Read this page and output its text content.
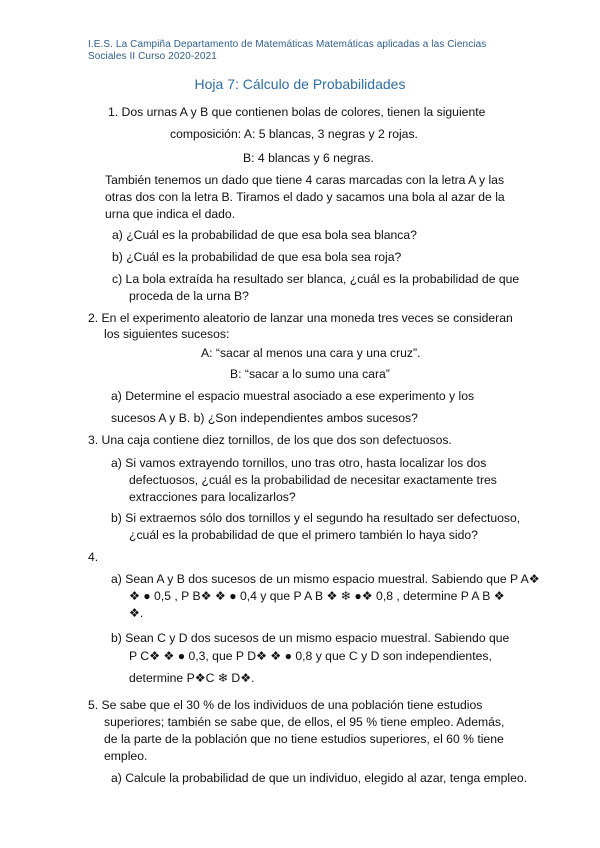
I.E.S. La Campiña Departamento de Matemáticas Matemáticas aplicadas a las Ciencias
Sociales II Curso 2020-2021
Hoja 7: Cálculo de Probabilidades
1. Dos urnas A y B que contienen bolas de colores, tienen la siguiente
composición: A: 5 blancas, 3 negras y 2 rojas.
B: 4 blancas y 6 negras.
También tenemos un dado que tiene 4 caras marcadas con la letra A y las
otras dos con la letra B. Tiramos el dado y sacamos una bola al azar de la
urna que indica el dado.
a) ¿Cuál es la probabilidad de que esa bola sea blanca?
b) ¿Cuál es la probabilidad de que esa bola sea roja?
c) La bola extraída ha resultado ser blanca, ¿cuál es la probabilidad de que
proceda de la urna B?
2. En el experimento aleatorio de lanzar una moneda tres veces se consideran
los siguientes sucesos:
A: “sacar al menos una cara y una cruz”.
B: “sacar a lo sumo una cara”
a) Determine el espacio muestral asociado a ese experimento y los
sucesos A y B. b) ¿Son independientes ambos sucesos?
3. Una caja contiene diez tornillos, de los que dos son defectuosos.
a) Si vamos extrayendo tornillos, uno tras otro, hasta localizar los dos
defectuosos, ¿cuál es la probabilidad de necesitar exactamente tres
extracciones para localizarlos?
b) Si extraemos sólo dos tornillos y el segundo ha resultado ser defectuoso,
¿cuál es la probabilidad de que el primero también lo haya sido?
4.
a) Sean A y B dos sucesos de un mismo espacio muestral. Sabiendo que P A❖
❖ ● 0,5 , P B❖ ❖ ● 0,4 y que P A B ❖ ❄ ●❖ 0,8 , determine P A B ❖
❖.
b) Sean C y D dos sucesos de un mismo espacio muestral. Sabiendo que
P C❖ ❖ ● 0,3, que P D❖ ❖ ● 0,8 y que C y D son independientes,
determine P❖C ❄ D❖.
5. Se sabe que el 30 % de los individuos de una población tiene estudios
superiores; también se sabe que, de ellos, el 95 % tiene empleo. Además,
de la parte de la población que no tiene estudios superiores, el 60 % tiene
empleo.
a) Calcule la probabilidad de que un individuo, elegido al azar, tenga empleo.
